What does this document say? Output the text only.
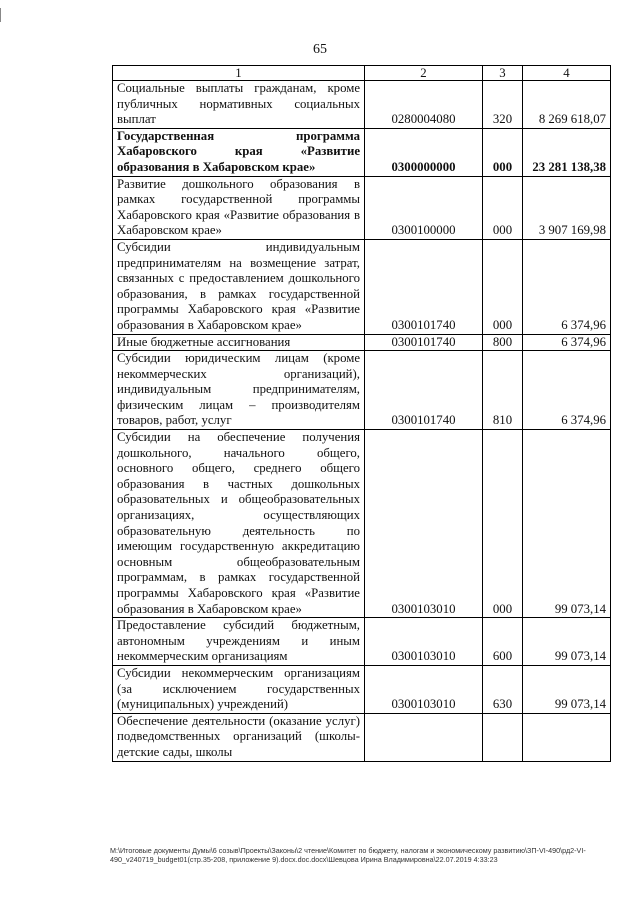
65
1	2	3	4
Социальные выплаты гражданам, кроме публичных нормативных социальных выплат	0280004080	320	8 269 618,07
Государственная программа Хабаровского края «Развитие образования в Хабаровском крае»	0300000000	000	23 281 138,38
Развитие дошкольного образования в рамках государственной программы Хабаровского края «Развитие образования в Хабаровском крае»	0300100000	000	3 907 169,98
Субсидии индивидуальным предпринимателям на возмещение затрат, связанных с предоставлением дошкольного образования, в рамках государственной программы Хабаровского края «Развитие образования в Хабаровском крае»	0300101740	000	6 374,96
Иные бюджетные ассигнования	0300101740	800	6 374,96
Субсидии юридическим лицам (кроме некоммерческих организаций), индивидуальным предпринимателям, физическим лицам – производителям товаров, работ, услуг	0300101740	810	6 374,96
Субсидии на обеспечение получения дошкольного, начального общего, основного общего, среднего общего образования в частных дошкольных образовательных и общеобразовательных организациях, осуществляющих образовательную деятельность по имеющим государственную аккредитацию основным общеобразовательным программам, в рамках государственной программы Хабаровского края «Развитие образования в Хабаровском крае»	0300103010	000	99 073,14
Предоставление субсидий бюджетным, автономным учреждениям и иным некоммерческим организациям	0300103010	600	99 073,14
Субсидии некоммерческим организациям (за исключением государственных (муниципальных) учреждений)	0300103010	630	99 073,14
Обеспечение деятельности (оказание услуг) подведомственных организаций (школы-детские сады, школы			
M:\Итоговые документы Думы\6 созыв\Проекты\Законы\2 чтение\Комитет по бюджету, налогам и экономическому развитию\ЗП-VI-490\рд2-VI-490_v240719_budget01(стр.35-208, приложение 9).docx.doc.docx\Шевцова Ирина Владимировна\22.07.2019 4:33:23
